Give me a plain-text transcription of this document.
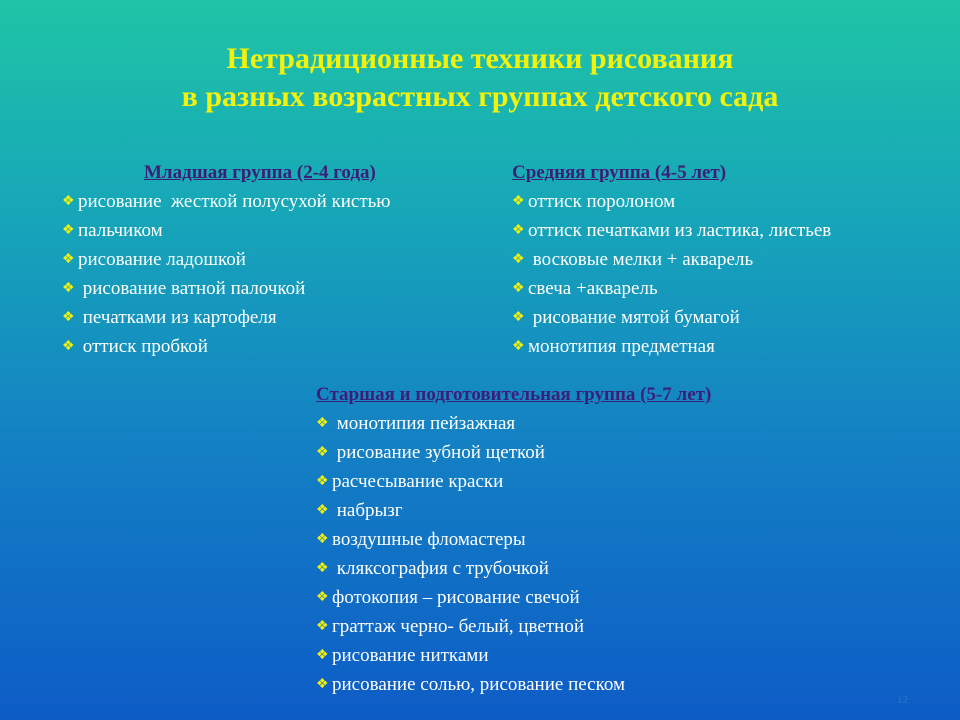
Нетрадиционные техники рисования
в разных возрастных группах детского сада
Младшая группа (2-4 года)
❖ рисование  жесткой полусухой кистью
❖ пальчиком
❖ рисование ладошкой
❖ рисование ватной палочкой
❖ печатками из картофеля
❖ оттиск пробкой
Средняя группа (4-5 лет)
❖ оттиск поролоном
❖ оттиск печатками из ластика, листьев
❖ восковые мелки + акварель
❖ свеча +акварель
❖ рисование мятой бумагой
❖ монотипия предметная
Старшая и подготовительная группа (5-7 лет)
❖ монотипия пейзажная
❖ рисование зубной щеткой
❖ расчесывание краски
❖ набрызг
❖ воздушные фломастеры
❖ кляксография с трубочкой
❖ фотокопия – рисование свечой
❖ граттаж черно- белый, цветной
❖ рисование нитками
❖ рисование солью, рисование песком
12
